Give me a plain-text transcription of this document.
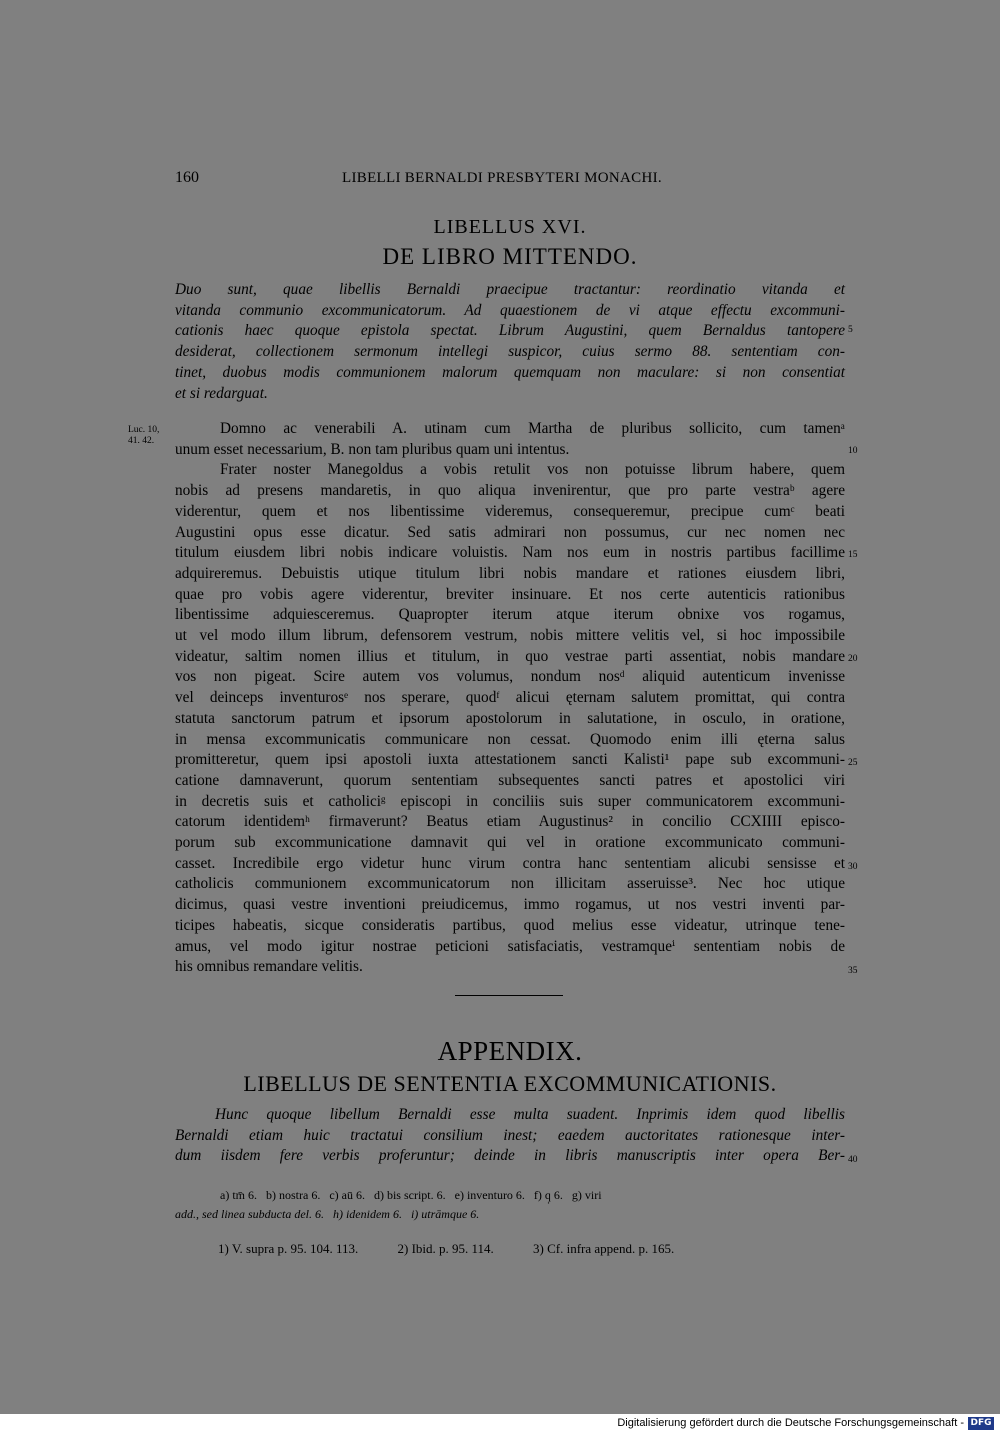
160	LIBELLI BERNALDI PRESBYTERI MONACHI.
LIBELLUS XVI.
DE LIBRO MITTENDO.
Duo sunt, quae libellis Bernaldi praecipue tractantur: reordinatio vitanda et
vitanda communio excommunicatorum. Ad quaestionem de vi atque effectu excommuni-
cationis haec quoque epistola spectat. Librum Augustini, quem Bernaldus tantopere
desiderat, collectionem sermonum intellegi suspicor, cuius sermo 88. sententiam con-
tinet, duobus modis communionem malorum quemquam non maculare: si non consentiat
et si redarguat.
Luc. 10, 41. 42.
Domno ac venerabili A. utinam cum Martha de pluribus sollicito, cum tamenᵃ
unum esset necessarium, B. non tam pluribus quam uni intentus.
Frater noster Manegoldus a vobis retulit vos non potuisse librum habere, quem
nobis ad presens mandaretis, in quo aliqua invenirentur, que pro parte vestraᵇ agere
viderentur, quem et nos libentissime videremus, consequeremur, precipue cumᶜ beati
Augustini opus esse dicatur. Sed satis admirari non possumus, cur nec nomen nec
titulum eiusdem libri nobis indicare voluistis. Nam nos eum in nostris partibus facillime
adquireremus. Debuistis utique titulum libri nobis mandare et rationes eiusdem libri,
quae pro vobis agere viderentur, breviter insinuare. Et nos certe autenticis rationibus
libentissime adquiesceremus. Quapropter iterum atque iterum obnixe vos rogamus,
ut vel modo illum librum, defensorem vestrum, nobis mittere velitis vel, si hoc impossibile
videatur, saltim nomen illius et titulum, in quo vestrae parti assentiat, nobis mandare
vos non pigeat. Scire autem vos volumus, nondum nosᵈ aliquid autenticum invenisse
vel deinceps inventurosᵉ nos sperare, quodᶠ alicui ęternam salutem promittat, qui contra
statuta sanctorum patrum et ipsorum apostolorum in salutatione, in osculo, in oratione,
in mensa excommunicatis communicare non cessat. Quomodo enim illi ęterna salus
promitteretur, quem ipsi apostoli iuxta attestationem sancti Kalisti¹ pape sub excommuni-
catione damnaverunt, quorum sententiam subsequentes sancti patres et apostolici viri
in decretis suis et catholiciᵍ episcopi in conciliis suis super communicatorem excommuni-
catorum identidemʰ firmaverunt? Beatus etiam Augustinus² in concilio CCXIIII episco-
porum sub excommunicatione damnavit qui vel in oratione excommunicato communi-
casset. Incredibile ergo videtur hunc virum contra hanc sententiam alicubi sensisse et
catholicis communionem excommunicatorum non illicitam asseruisse³. Nec hoc utique
dicimus, quasi vestre inventioni preiudicemus, immo rogamus, ut nos vestri inventi par-
ticipes habeatis, sicque consideratis partibus, quod melius esse videatur, utrinque tene-
amus, vel modo igitur nostrae peticioni satisfaciatis, vestramqueⁱ sententiam nobis de
his omnibus remandare velitis.
5
10
15
20
25
30
35
40
APPENDIX.
LIBELLUS DE SENTENTIA EXCOMMUNICATIONIS.
Hunc quoque libellum Bernaldi esse multa suadent. Inprimis idem quod libellis
Bernaldi etiam huic tractatui consilium inest; eaedem auctoritates rationesque inter-
dum iisdem fere verbis proferuntur; deinde in libris manuscriptis inter opera Ber-
a) tm̄ 6.   b) nostra 6.   c) aū 6.   d) bis script. 6.   e) inventuro 6.   f) q̣ 6.   g) viri
add., sed linea subducta del. 6.   h) idenidem 6.   i) utrāmque 6.
1) V. supra p. 95. 104. 113.	2) Ibid. p. 95. 114.	3) Cf. infra append. p. 165.
Digitalisierung gefördert durch die Deutsche Forschungsgemeinschaft - DFG
